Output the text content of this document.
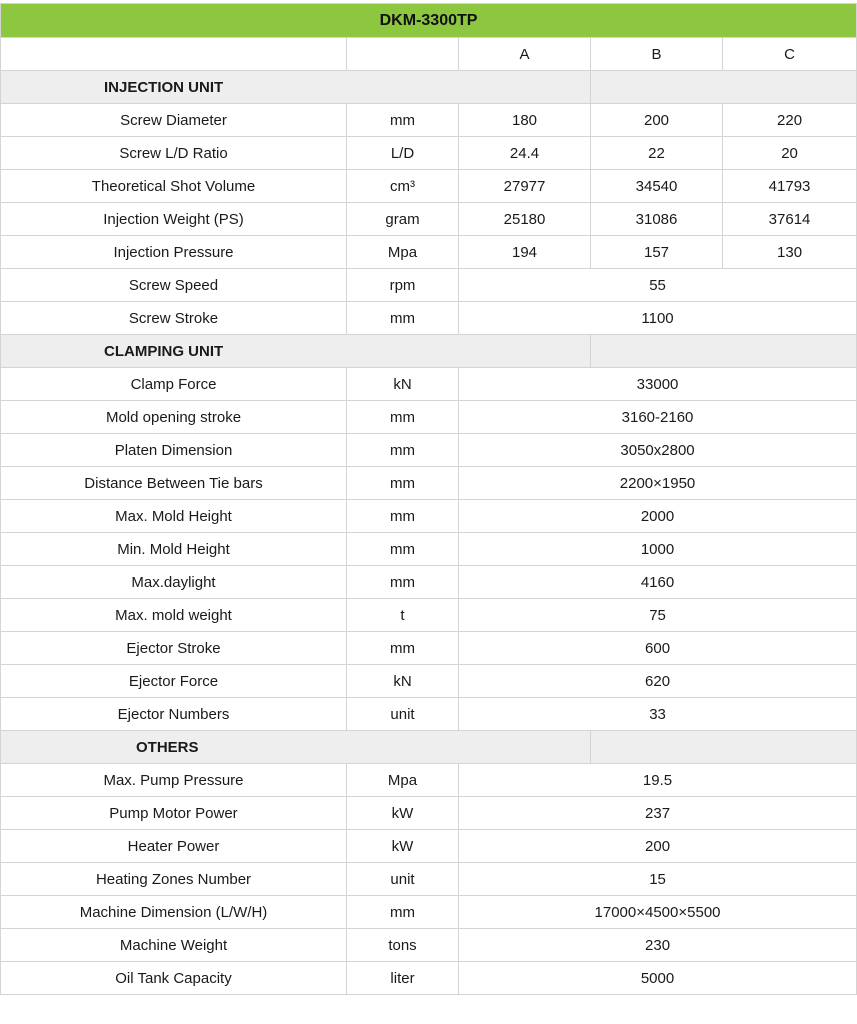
DKM-3300TP				
		A	B	C
INJECTION UNIT				
Screw Diameter	mm	180	200	220
Screw L/D Ratio	L/D	24.4	22	20
Theoretical Shot Volume	cm³	27977	34540	41793
Injection Weight (PS)	gram	25180	31086	37614
Injection Pressure	Mpa	194	157	130
Screw Speed	rpm	55		
Screw Stroke	mm	1100		
CLAMPING UNIT				
Clamp Force	kN	33000		
Mold opening stroke	mm	3160-2160		
Platen Dimension	mm	3050x2800		
Distance Between Tie bars	mm	2200×1950		
Max. Mold Height	mm	2000		
Min. Mold Height	mm	1000		
Max.daylight	mm	4160		
Max. mold weight	t	75		
Ejector Stroke	mm	600		
Ejector Force	kN	620		
Ejector Numbers	unit	33		
OTHERS				
Max. Pump Pressure	Mpa	19.5		
Pump Motor Power	kW	237		
Heater Power	kW	200		
Heating Zones Number	unit	15		
Machine Dimension (L/W/H)	mm	17000×4500×5500		
Machine Weight	tons	230		
Oil Tank Capacity	liter	5000		
